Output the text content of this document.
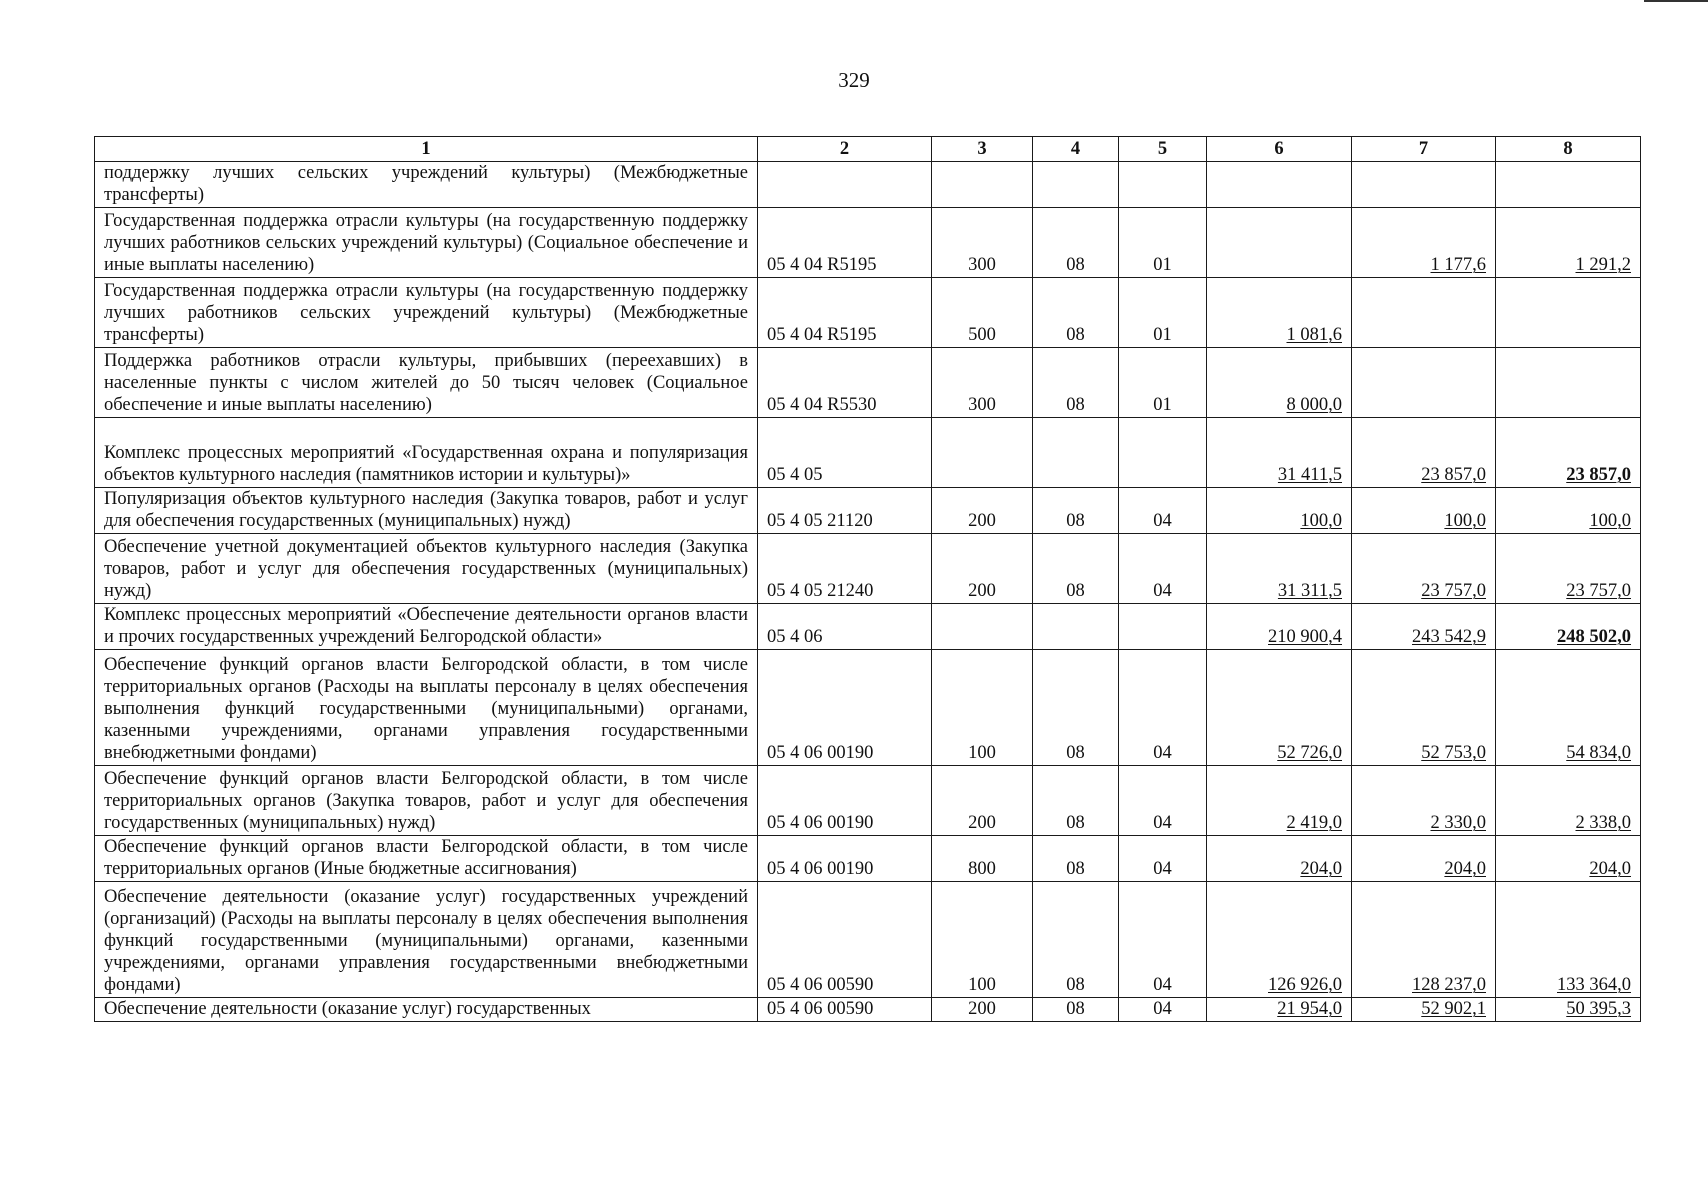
329
1	2	3	4	5	6	7	8
поддержку лучших сельских учреждений культуры) (Межбюджетные трансферты)							
Государственная поддержка отрасли культуры (на государственную поддержку лучших работников сельских учреждений культуры) (Социальное обеспечение и иные выплаты населению)	05 4 04 R5195	300	08	01		1 177,6	1 291,2
Государственная поддержка отрасли культуры (на государственную поддержку лучших работников сельских учреждений культуры) (Межбюджетные трансферты)	05 4 04 R5195	500	08	01	1 081,6		
Поддержка работников отрасли культуры, прибывших (переехавших) в населенные пункты с числом жителей до 50 тысяч человек (Социальное обеспечение и иные выплаты населению)	05 4 04 R5530	300	08	01	8 000,0		
Комплекс процессных мероприятий «Государственная охрана и популяризация объектов культурного наследия (памятников истории и культуры)»	05 4 05				31 411,5	23 857,0	23 857,0
Популяризация объектов культурного наследия (Закупка товаров, работ и услуг для обеспечения государственных (муниципальных) нужд)	05 4 05 21120	200	08	04	100,0	100,0	100,0
Обеспечение учетной документацией объектов культурного наследия (Закупка товаров, работ и услуг для обеспечения государственных (муниципальных) нужд)	05 4 05 21240	200	08	04	31 311,5	23 757,0	23 757,0
Комплекс процессных мероприятий «Обеспечение деятельности органов власти и прочих государственных учреждений Белгородской области»	05 4 06				210 900,4	243 542,9	248 502,0
Обеспечение функций органов власти Белгородской области, в том числе территориальных органов (Расходы на выплаты персоналу в целях обеспечения выполнения функций государственными (муниципальными) органами, казенными учреждениями, органами управления государственными внебюджетными фондами)	05 4 06 00190	100	08	04	52 726,0	52 753,0	54 834,0
Обеспечение функций органов власти Белгородской области, в том числе территориальных органов (Закупка товаров, работ и услуг для обеспечения государственных (муниципальных) нужд)	05 4 06 00190	200	08	04	2 419,0	2 330,0	2 338,0
Обеспечение функций органов власти Белгородской области, в том числе территориальных органов (Иные бюджетные ассигнования)	05 4 06 00190	800	08	04	204,0	204,0	204,0
Обеспечение деятельности (оказание услуг) государственных учреждений (организаций) (Расходы на выплаты персоналу в целях обеспечения выполнения функций государственными (муниципальными) органами, казенными учреждениями, органами управления государственными внебюджетными фондами)	05 4 06 00590	100	08	04	126 926,0	128 237,0	133 364,0
Обеспечение деятельности (оказание услуг) государственных	05 4 06 00590	200	08	04	21 954,0	52 902,1	50 395,3
